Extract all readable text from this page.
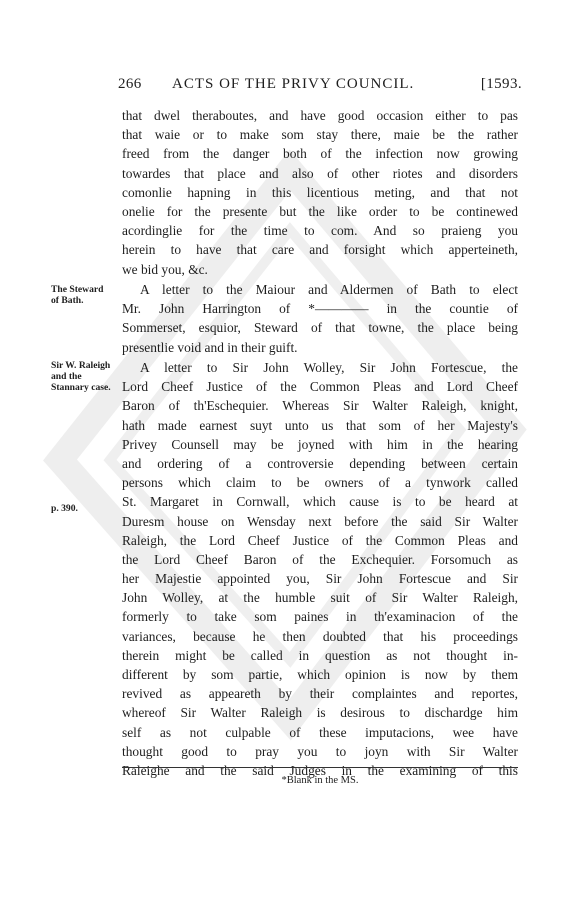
266 ACTS OF THE PRIVY COUNCIL.	[1593.
that dwel theraboutes, and have good occasion either to pas
that waie or to make som stay there, maie be the rather
freed from the danger both of the infection now growing
towardes that place and also of other riotes and disorders
comonlie hapning in this licentious meting, and that not
onelie for the presente but the like order to be continewed
acordinglie for the time to com. And so praieng you
herein to have that care and forsight which apperteineth,
we bid you, &c.
The Steward
of Bath.
A letter to the Maiour and Aldermen of Bath to elect
Mr. John Harrington of *———— in the countie of
Sommerset, esquior, Steward of that towne, the place being
presentlie void and in their guift.
Sir W. Raleigh
and the
Stannary case.
p. 390.
A letter to Sir John Wolley, Sir John Fortescue, the
Lord Cheef Justice of the Common Pleas and Lord Cheef
Baron of th'Eschequier. Whereas Sir Walter Raleigh, knight,
hath made earnest suyt unto us that som of her Majesty's
Privey Counsell may be joyned with him in the hearing
and ordering of a controversie depending between certain
persons which claim to be owners of a tynwork called
St. Margaret in Cornwall, which cause is to be heard at
Duresm house on Wensday next before the said Sir Walter
Raleigh, the Lord Cheef Justice of the Common Pleas and
the Lord Cheef Baron of the Exchequier. Forsomuch as
her Majestie appointed you, Sir John Fortescue and Sir
John Wolley, at the humble suit of Sir Walter Raleigh,
formerly to take som paines in th'examinacion of the
variances, because he then doubted that his proceedings
therein might be called in question as not thought in-
different by som partie, which opinion is now by them
revived as appeareth by their complaintes and reportes,
whereof Sir Walter Raleigh is desirous to dischardge him
self as not culpable of these imputacions, wee have
thought good to pray you to joyn with Sir Walter
Raleighe and the said Judges in the examining of this
*Blank in the MS.
